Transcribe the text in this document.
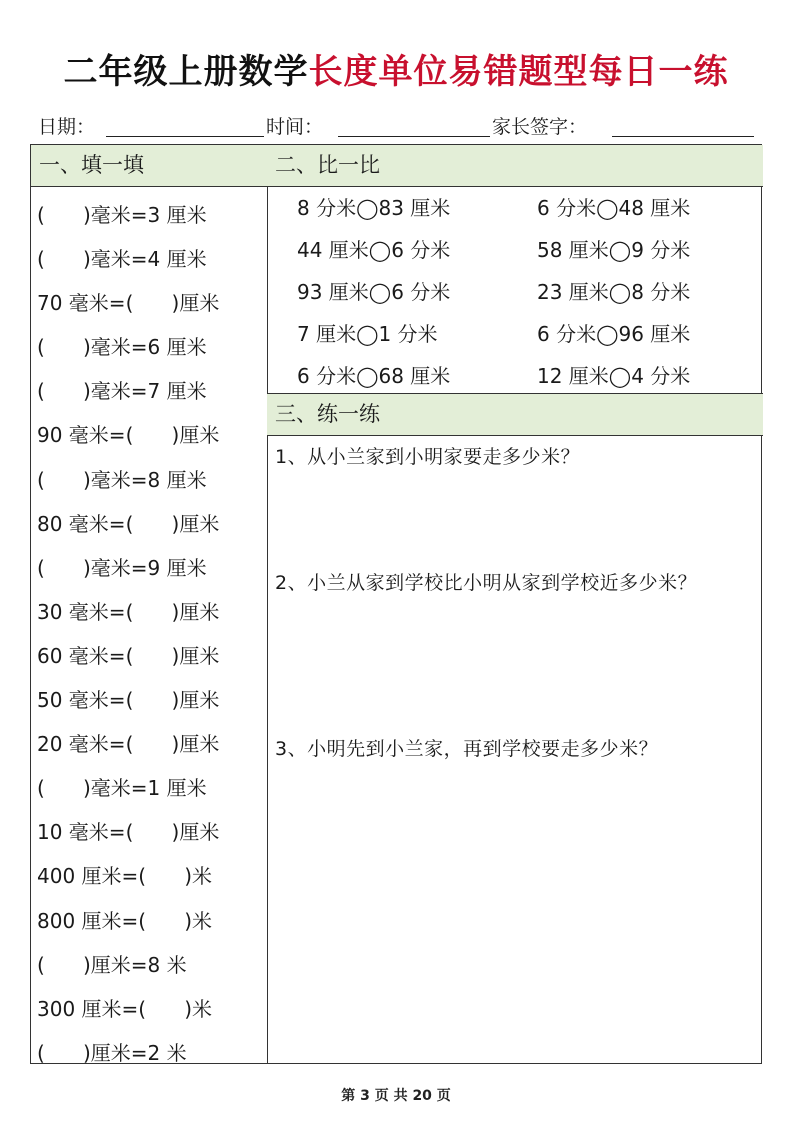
二年级上册数学长度单位易错题型每日一练
日期：	时间：	家长签字：
一、填一填
(      )毫米=3 厘米
(      )毫米=4 厘米
70 毫米=(      )厘米
(      )毫米=6 厘米
(      )毫米=7 厘米
90 毫米=(      )厘米
(      )毫米=8 厘米
80 毫米=(      )厘米
(      )毫米=9 厘米
30 毫米=(      )厘米
60 毫米=(      )厘米
50 毫米=(      )厘米
20 毫米=(      )厘米
(      )毫米=1 厘米
10 毫米=(      )厘米
400 厘米=(      )米
800 厘米=(      )米
(      )厘米=8 米
300 厘米=(      )米
(      )厘米=2 米
二、比一比
8 分米◯83 厘米
44 厘米◯6 分米
93 厘米◯6 分米
7 厘米◯1 分米
6 分米◯68 厘米
6 分米◯48 厘米
58 厘米◯9 分米
23 厘米◯8 分米
6 分米◯96 厘米
12 厘米◯4 分米
三、练一练
1、从小兰家到小明家要走多少米？
2、小兰从家到学校比小明从家到学校近多少米？
3、小明先到小兰家，再到学校要走多少米？
第 3 页 共 20 页
